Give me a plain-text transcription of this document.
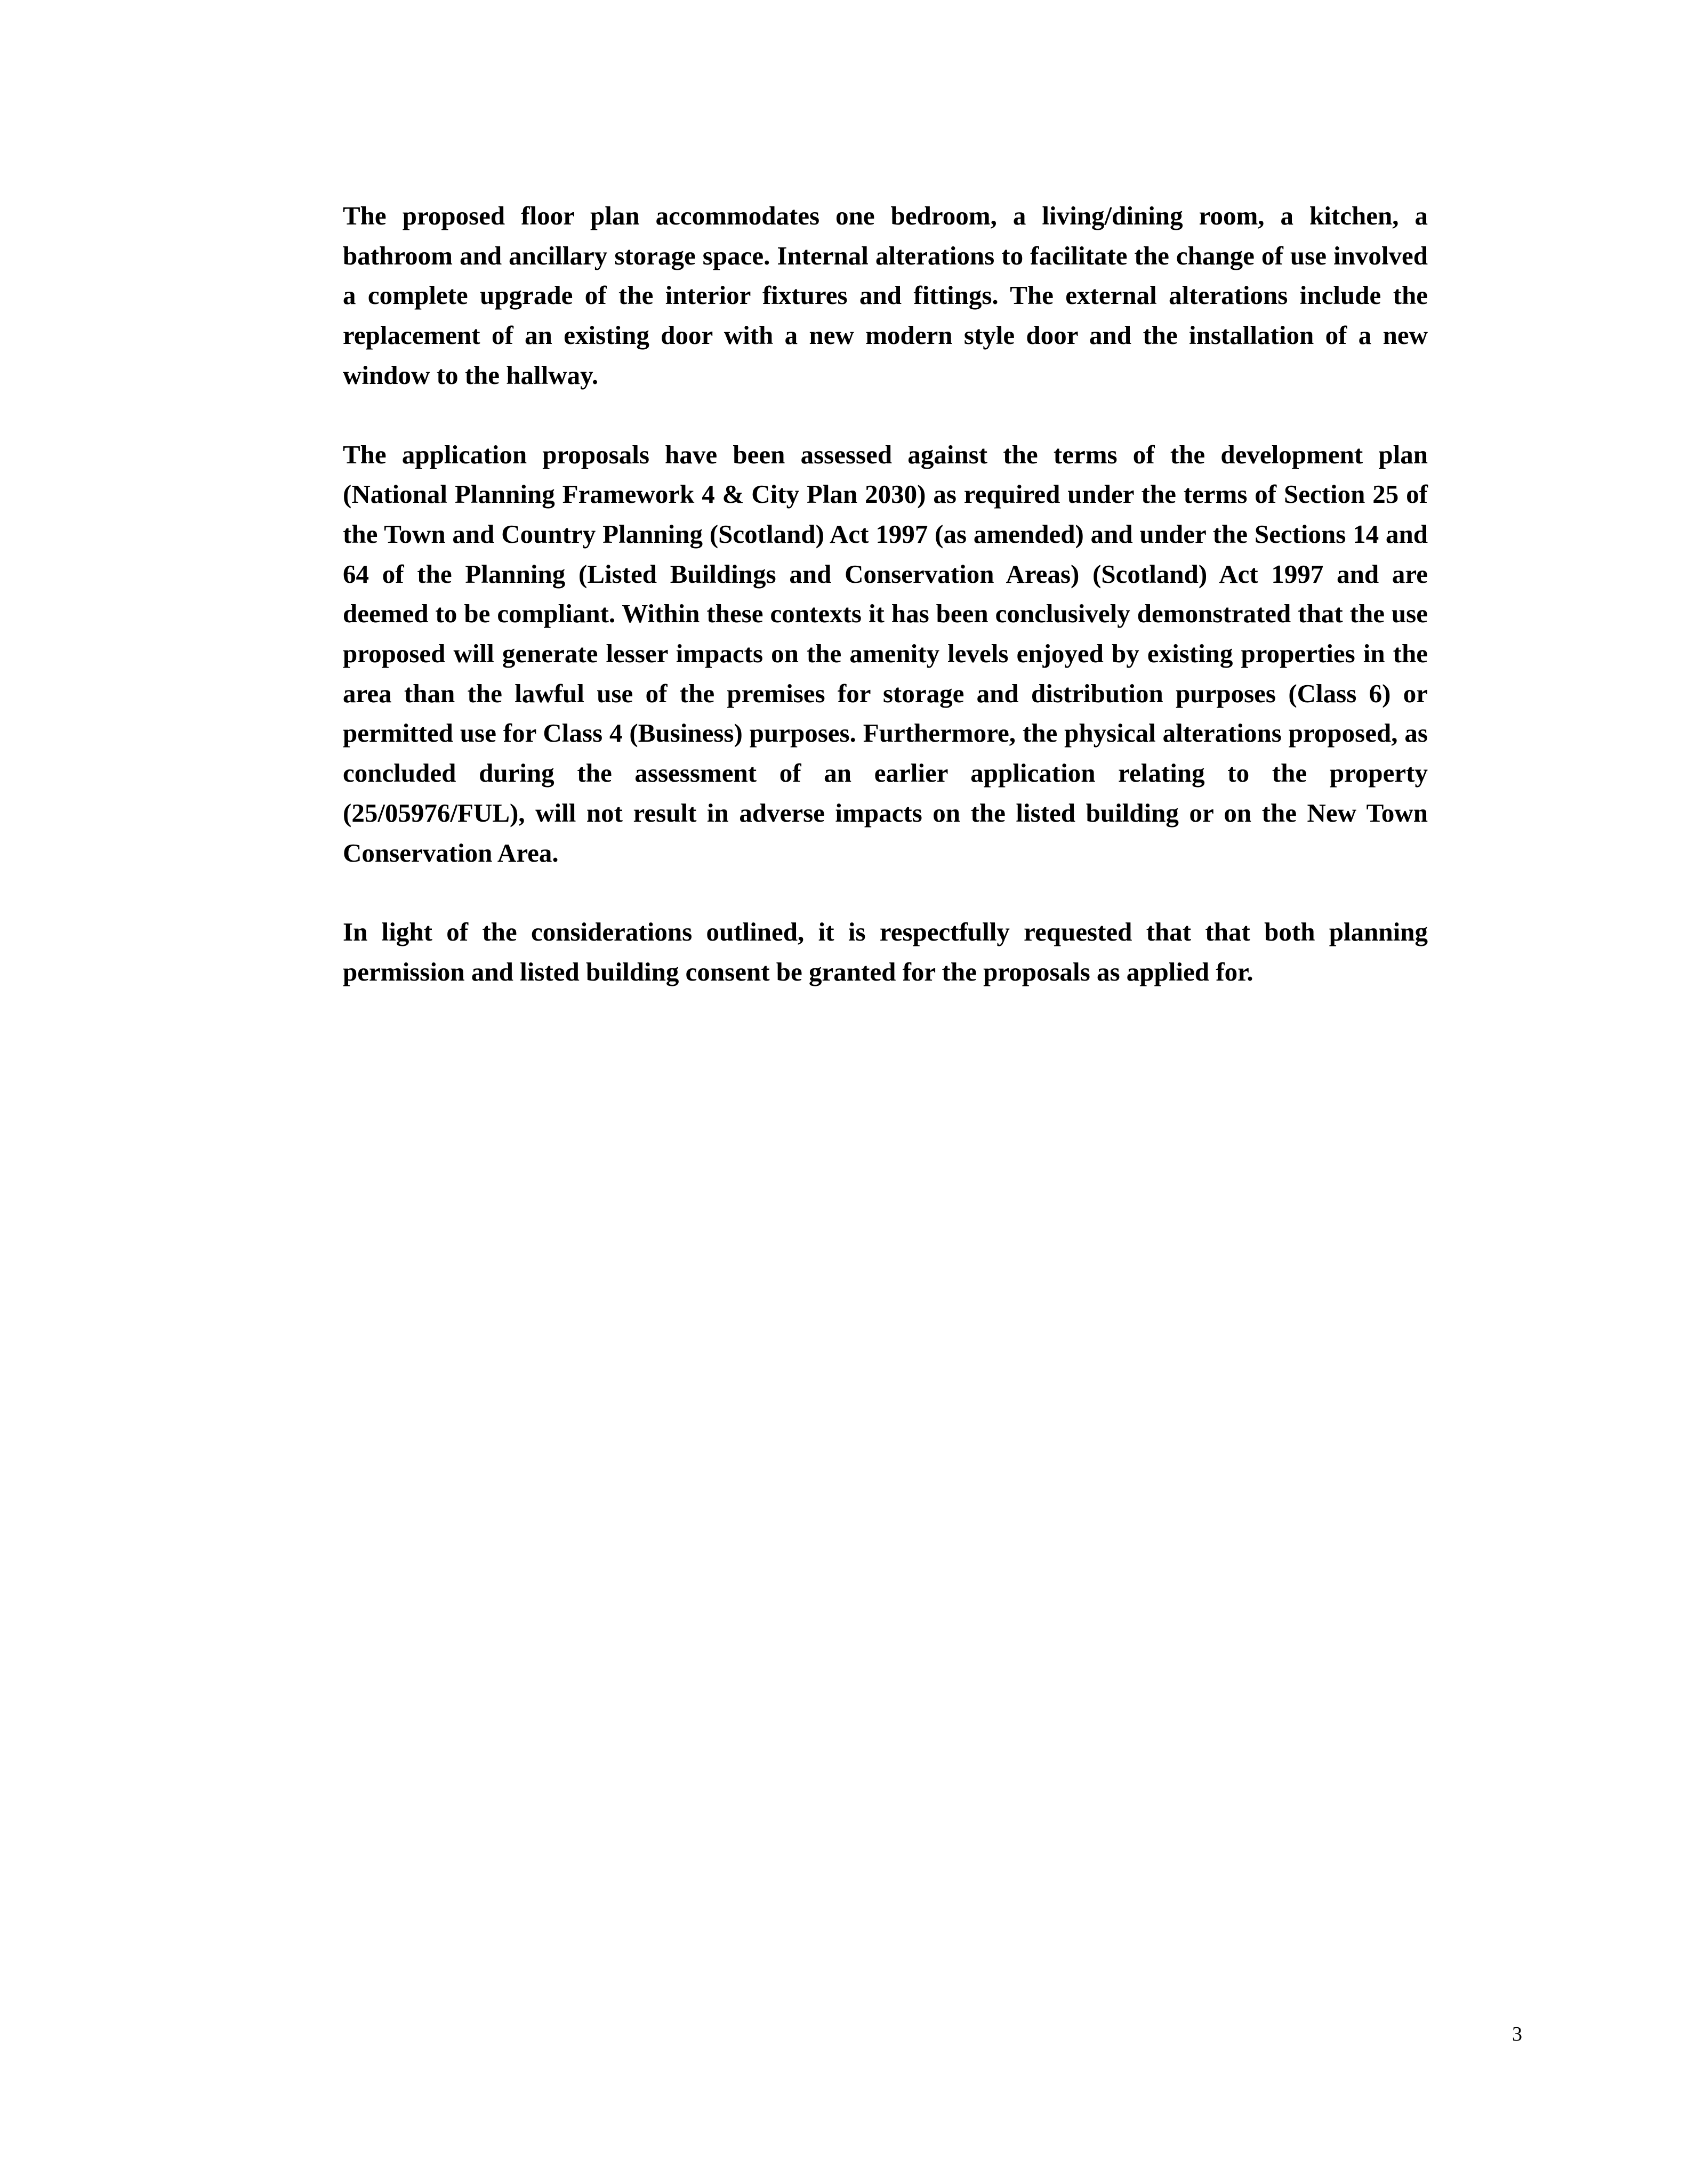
The proposed floor plan accommodates one bedroom, a living/dining room, a kitchen, a bathroom and ancillary storage space. Internal alterations to facilitate the change of use involved a complete upgrade of the interior fixtures and fittings. The external alterations include the replacement of an existing door with a new modern style door and the installation of a new window to the hallway.

The application proposals have been assessed against the terms of the development plan (National Planning Framework 4 & City Plan 2030) as required under the terms of Section 25 of the Town and Country Planning (Scotland) Act 1997 (as amended) and under the Sections 14 and 64 of the Planning (Listed Buildings and Conservation Areas) (Scotland) Act 1997 and are deemed to be compliant. Within these contexts it has been conclusively demonstrated that the use proposed will generate lesser impacts on the amenity levels enjoyed by existing properties in the area than the lawful use of the premises for storage and distribution purposes (Class 6) or permitted use for Class 4 (Business) purposes. Furthermore, the physical alterations proposed, as concluded during the assessment of an earlier application relating to the property (25/05976/FUL), will not result in adverse impacts on the listed building or on the New Town Conservation Area.

In light of the considerations outlined, it is respectfully requested that that both planning permission and listed building consent be granted for the proposals as applied for.

3
